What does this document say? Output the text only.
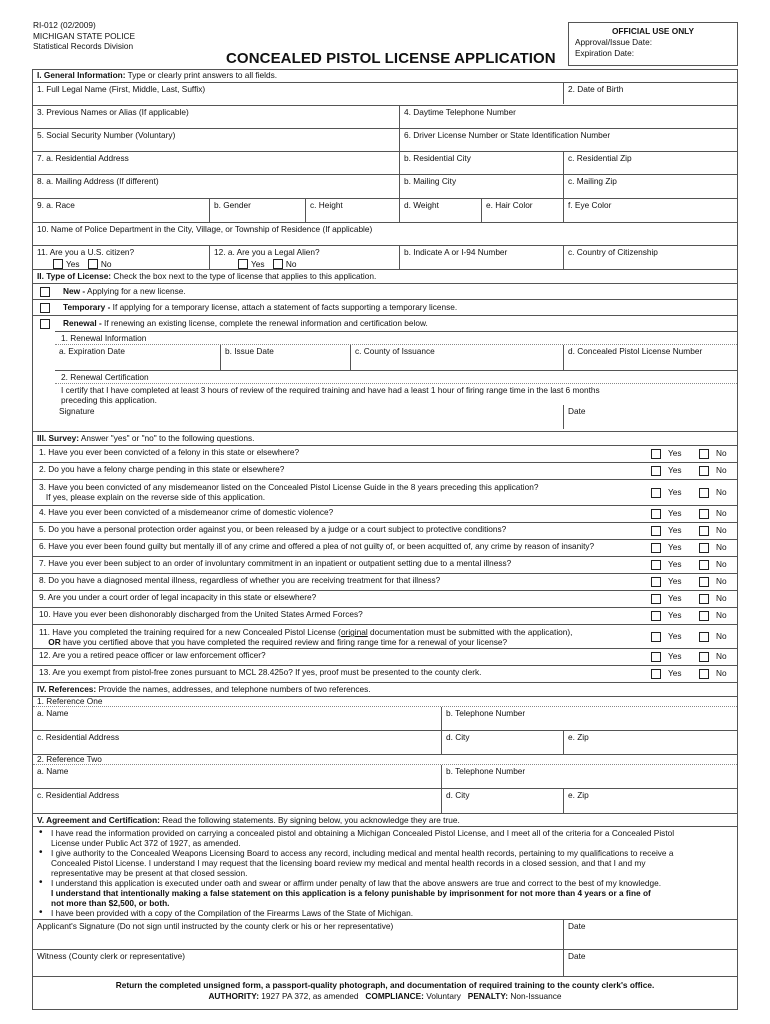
RI-012 (02/2009)
MICHIGAN STATE POLICE
Statistical Records Division
CONCEALED PISTOL LICENSE APPLICATION
OFFICIAL USE ONLY
Approval/Issue Date:
Expiration Date:
I. General Information: Type or clearly print answers to all fields.
1. Full Legal Name (First, Middle, Last, Suffix)	2. Date of Birth
3. Previous Names or Alias (If applicable)	4. Daytime Telephone Number
5. Social Security Number (Voluntary)	6. Driver License Number or State Identification Number
7. a. Residential Address	b. Residential City	c. Residential Zip
8. a. Mailing Address (If different)	b. Mailing City	c. Mailing Zip
9. a. Race	b. Gender	c. Height	d. Weight	e. Hair Color	f. Eye Color
10. Name of Police Department in the City, Village, or Township of Residence (If applicable)
11. Are you a U.S. citizen?
Yes	No
12. a. Are you a Legal Alien?
Yes	No
b. Indicate A or I-94 Number	c. Country of Citizenship
II. Type of License: Check the box next to the type of license that applies to this application.
New - Applying for a new license.
Temporary - If applying for a temporary license, attach a statement of facts supporting a temporary license.
Renewal - If renewing an existing license, complete the renewal information and certification below.
1. Renewal Information
a. Expiration Date	b. Issue Date	c. County of Issuance	d. Concealed Pistol License Number
2. Renewal Certification
I certify that I have completed at least 3 hours of review of the required training and have had a least 1 hour of firing range time in the last 6 months
preceding this application.
Signature	Date
III. Survey: Answer "yes" or "no" to the following questions.
1. Have you ever been convicted of a felony in this state or elsewhere?	Yes	No
2. Do you have a felony charge pending in this state or elsewhere?	Yes	No
3. Have you been convicted of any misdemeanor listed on the Concealed Pistol License Guide in the 8 years preceding this application?
If yes, please explain on the reverse side of this application.
Yes	No
4. Have you ever been convicted of a misdemeanor crime of domestic violence?	Yes	No
5. Do you have a personal protection order against you, or been released by a judge or a court subject to protective conditions?	Yes	No
6. Have you ever been found guilty but mentally ill of any crime and offered a plea of not guilty of, or been acquitted of, any crime by reason of insanity?	Yes	No
7. Have you ever been subject to an order of involuntary commitment in an inpatient or outpatient setting due to a mental illness?	Yes	No
8. Do you have a diagnosed mental illness, regardless of whether you are receiving treatment for that illness?	Yes	No
9. Are you under a court order of legal incapacity in this state or elsewhere?	Yes	No
10. Have you ever been dishonorably discharged from the United States Armed Forces?	Yes	No
11. Have you completed the training required for a new Concealed Pistol License (original documentation must be submitted with the application),
OR have you certified above that you have completed the required review and firing range time for a renewal of your license?
Yes	No
12. Are you a retired peace officer or law enforcement officer?	Yes	No
13. Are you exempt from pistol-free zones pursuant to MCL 28.425o? If yes, proof must be presented to the county clerk.	Yes	No
IV. References: Provide the names, addresses, and telephone numbers of two references.
1. Reference One
a. Name	b. Telephone Number
c. Residential Address	d. City	e. Zip
2. Reference Two
a. Name	b. Telephone Number
c. Residential Address	d. City	e. Zip
V. Agreement and Certification: Read the following statements. By signing below, you acknowledge they are true.
• I have read the information provided on carrying a concealed pistol and obtaining a Michigan Concealed Pistol License, and I meet all of the criteria for a Concealed Pistol
License under Public Act 372 of 1927, as amended.
• I give authority to the Concealed Weapons Licensing Board to access any record, including medical and mental health records, pertaining to my qualifications to receive a
Concealed Pistol License. I understand I may request that the licensing board review my medical and mental health records in a closed session, and that I and my
representative may be present at that closed session.
• I understand this application is executed under oath and swear or affirm under penalty of law that the above answers are true and correct to the best of my knowledge.
I understand that intentionally making a false statement on this application is a felony punishable by imprisonment for not more than 4 years or a fine of
not more than $2,500, or both.
• I have been provided with a copy of the Compilation of the Firearms Laws of the State of Michigan.
Applicant's Signature (Do not sign until instructed by the county clerk or his or her representative)	Date
Witness (County clerk or representative)	Date
Return the completed unsigned form, a passport-quality photograph, and documentation of required training to the county clerk's office.
AUTHORITY: 1927 PA 372, as amended COMPLIANCE: Voluntary PENALTY: Non-Issuance
